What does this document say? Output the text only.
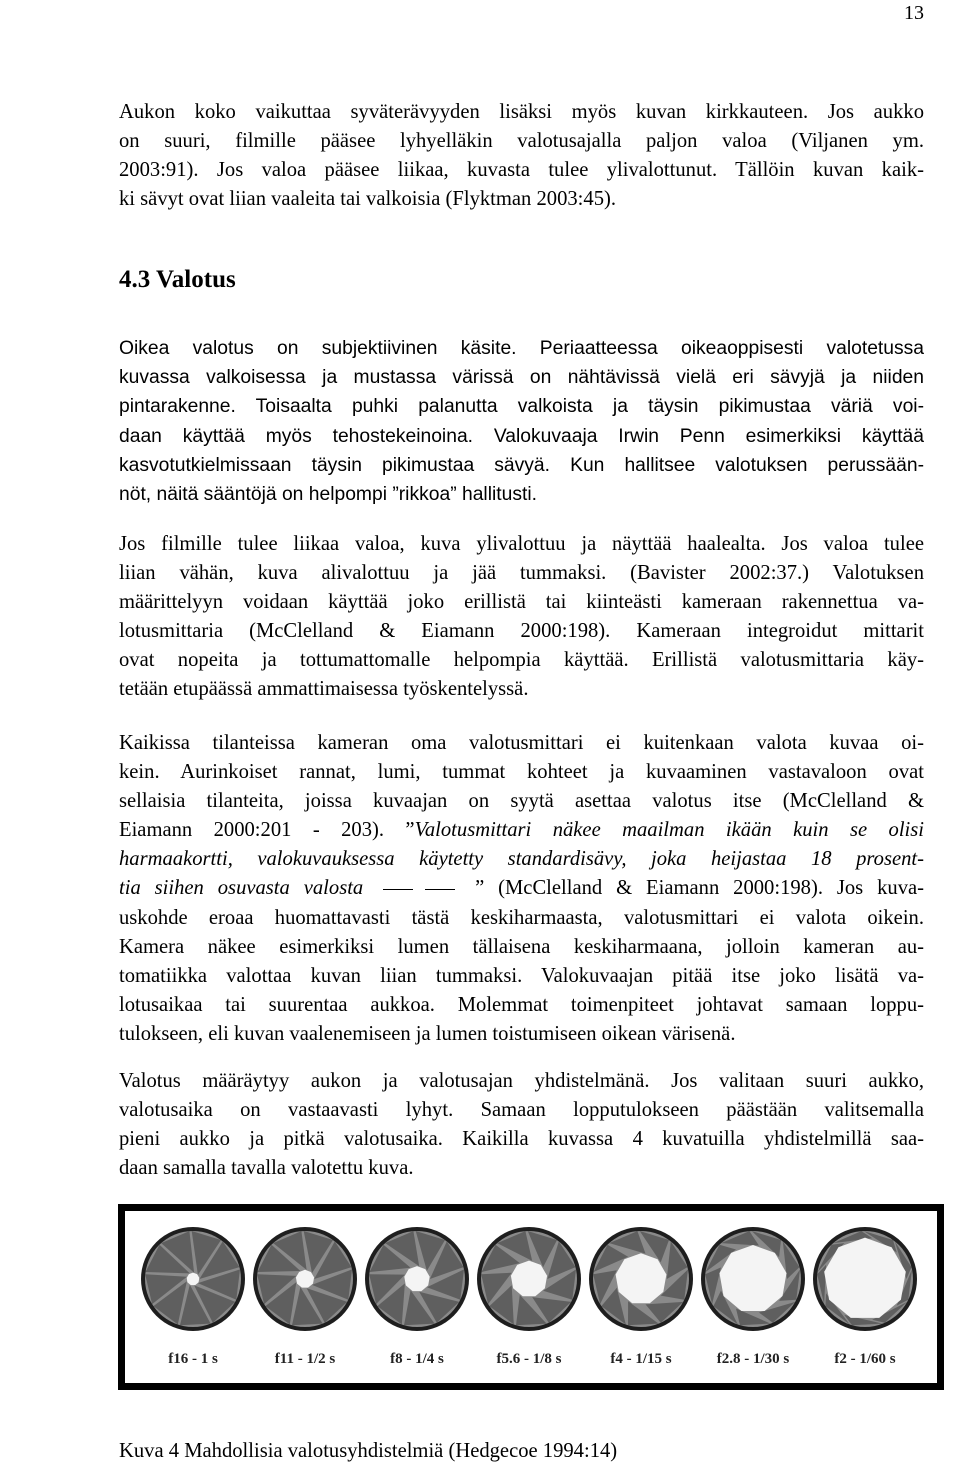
13
Aukon koko vaikuttaa syväterävyyden lisäksi myös kuvan kirkkauteen. Jos aukko
on suuri, filmille pääsee lyhyelläkin valotusajalla paljon valoa (Viljanen ym.
2003:91). Jos valoa pääsee liikaa, kuvasta tulee ylivalottunut. Tällöin kuvan kaik-
ki sävyt ovat liian vaaleita tai valkoisia (Flyktman 2003:45).
4.3 Valotus
Oikea valotus on subjektiivinen käsite. Periaatteessa oikeaoppisesti valotetussa
kuvassa valkoisessa ja mustassa värissä on nähtävissä vielä eri sävyjä ja niiden
pintarakenne. Toisaalta puhki palanutta valkoista ja täysin pikimustaa väriä voi-
daan käyttää myös tehostekeinoina. Valokuvaaja Irwin Penn esimerkiksi käyttää
kasvotutkielmissaan täysin pikimustaa sävyä. Kun hallitsee valotuksen perussään-
nöt, näitä sääntöjä on helpompi ”rikkoa” hallitusti.
Jos filmille tulee liikaa valoa, kuva ylivalottuu ja näyttää haalealta. Jos valoa tulee
liian vähän, kuva alivalottuu ja jää tummaksi. (Bavister 2002:37.) Valotuksen
määrittelyyn voidaan käyttää joko erillistä tai kiinteästi kameraan rakennettua va-
lotusmittaria (McClelland & Eiamann 2000:198). Kameraan integroidut mittarit
ovat nopeita ja tottumattomalle helpompia käyttää. Erillistä valotusmittaria käy-
tetään etupäässä ammattimaisessa työskentelyssä.
Kaikissa tilanteissa kameran oma valotusmittari ei kuitenkaan valota kuvaa oi-
kein. Aurinkoiset rannat, lumi, tummat kohteet ja kuvaaminen vastavaloon ovat
sellaisia tilanteita, joissa kuvaajan on syytä asettaa valotus itse (McClelland &
Eiamann 2000:201 - 203). ”Valotusmittari näkee maailman ikään kuin se olisi
harmaakortti, valokuvauksessa käytetty standardisävy, joka heijastaa 18 prosent-
tia siihen osuvasta valosta	” (McClelland & Eiamann 2000:198). Jos kuva-
uskohde eroaa huomattavasti tästä keskiharmaasta, valotusmittari ei valota oikein.
Kamera näkee esimerkiksi lumen tällaisena keskiharmaana, jolloin kameran au-
tomatiikka valottaa kuvan liian tummaksi. Valokuvaajan pitää itse joko lisätä va-
lotusaikaa tai suurentaa aukkoa. Molemmat toimenpiteet johtavat samaan loppu-
tulokseen, eli kuvan vaalenemiseen ja lumen toistumiseen oikean värisenä.
Valotus määräytyy aukon ja valotusajan yhdistelmänä. Jos valitaan suuri aukko,
valotusaika on vastaavasti lyhyt. Samaan lopputulokseen päästään valitsemalla
pieni aukko ja pitkä valotusaika. Kaikilla kuvassa 4 kuvatuilla yhdistelmillä saa-
daan samalla tavalla valotettu kuva.
f16 - 1 s	f11 - 1/2 s	f8 - 1/4 s	f5.6 - 1/8 s	f4 - 1/15 s	f2.8 - 1/30 s	f2 - 1/60 s

Kuva 4 Mahdollisia valotusyhdistelmiä (Hedgecoe 1994:14)
